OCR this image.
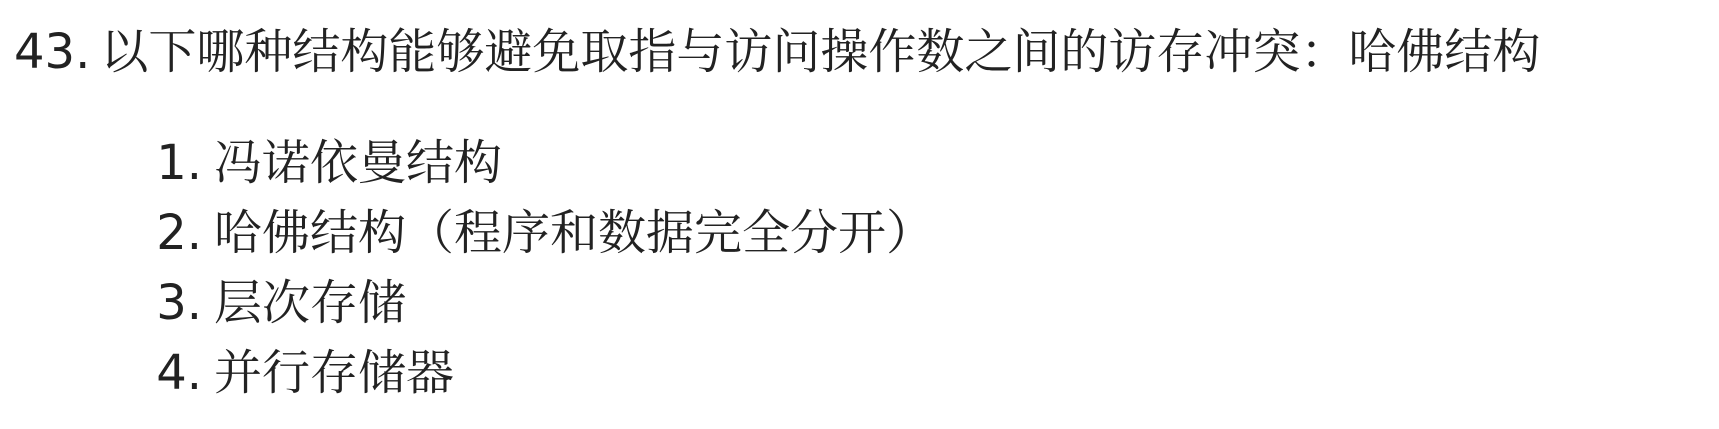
43. 以下哪种结构能够避免取指与访问操作数之间的访存冲突：哈佛结构
1. 冯诺依曼结构
2. 哈佛结构（程序和数据完全分开）
3. 层次存储
4. 并行存储器
